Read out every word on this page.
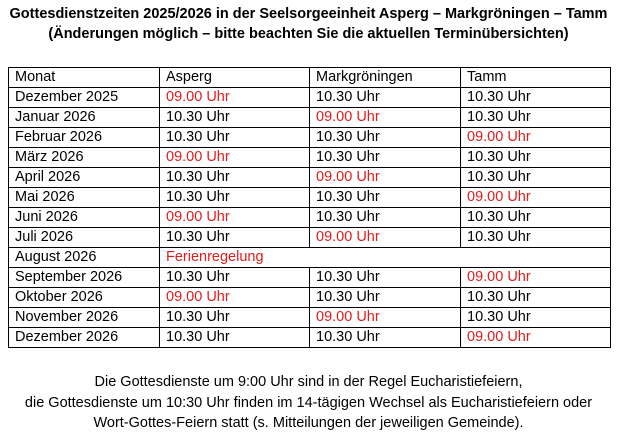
Gottesdienstzeiten 2025/2026 in der Seelsorgeeinheit Asperg – Markgröningen – Tamm
(Änderungen möglich – bitte beachten Sie die aktuellen Terminübersichten)
Monat	Asperg	Markgröningen	Tamm
Dezember 2025	09.00 Uhr	10.30 Uhr	10.30 Uhr
Januar 2026	10.30 Uhr	09.00 Uhr	10.30 Uhr
Februar 2026	10.30 Uhr	10.30 Uhr	09.00 Uhr
März 2026	09.00 Uhr	10.30 Uhr	10.30 Uhr
April 2026	10.30 Uhr	09.00 Uhr	10.30 Uhr
Mai 2026	10.30 Uhr	10.30 Uhr	09.00 Uhr
Juni 2026	09.00 Uhr	10.30 Uhr	10.30 Uhr
Juli 2026	10.30 Uhr	09.00 Uhr	10.30 Uhr
August 2026	Ferienregelung		
September 2026	10.30 Uhr	10.30 Uhr	09.00 Uhr
Oktober 2026	09.00 Uhr	10.30 Uhr	10.30 Uhr
November 2026	10.30 Uhr	09.00 Uhr	10.30 Uhr
Dezember 2026	10.30 Uhr	10.30 Uhr	09.00 Uhr
Die Gottesdienste um 9:00 Uhr sind in der Regel Eucharistiefeiern,
die Gottesdienste um 10:30 Uhr finden im 14-tägigen Wechsel als Eucharistiefeiern oder
Wort-Gottes-Feiern statt (s. Mitteilungen der jeweiligen Gemeinde).
